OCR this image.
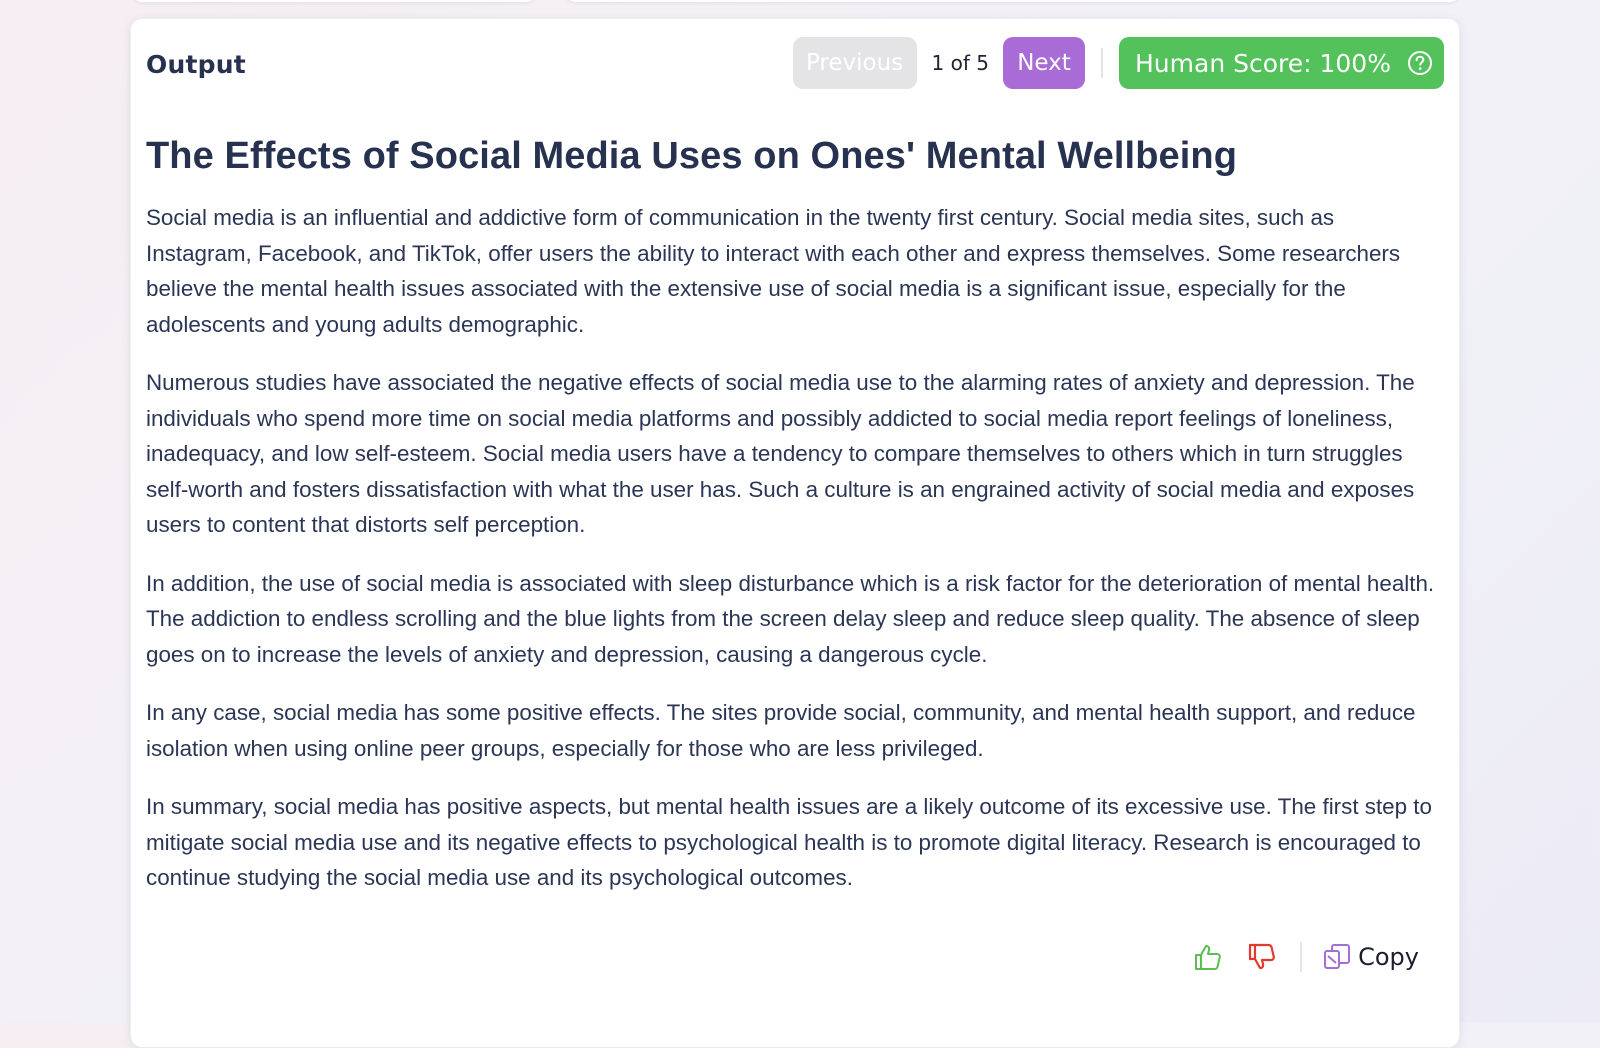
Output	Previous	1 of 5	Next	Human Score: 100%
The Effects of Social Media Uses on Ones' Mental Wellbeing

Social media is an influential and addictive form of communication in the twenty first century. Social media sites, such as Instagram, Facebook, and TikTok, offer users the ability to interact with each other and express themselves. Some researchers believe the mental health issues associated with the extensive use of social media is a significant issue, especially for the adolescents and young adults demographic.

Numerous studies have associated the negative effects of social media use to the alarming rates of anxiety and depression. The individuals who spend more time on social media platforms and possibly addicted to social media report feelings of loneliness, inadequacy, and low self-esteem. Social media users have a tendency to compare themselves to others which in turn struggles self-worth and fosters dissatisfaction with what the user has. Such a culture is an engrained activity of social media and exposes users to content that distorts self perception.

In addition, the use of social media is associated with sleep disturbance which is a risk factor for the deterioration of mental health. The addiction to endless scrolling and the blue lights from the screen delay sleep and reduce sleep quality. The absence of sleep goes on to increase the levels of anxiety and depression, causing a dangerous cycle.

In any case, social media has some positive effects. The sites provide social, community, and mental health support, and reduce isolation when using online peer groups, especially for those who are less privileged.

In summary, social media has positive aspects, but mental health issues are a likely outcome of its excessive use. The first step to mitigate social media use and its negative effects to psychological health is to promote digital literacy. Research is encouraged to continue studying the social media use and its psychological outcomes.

Copy
